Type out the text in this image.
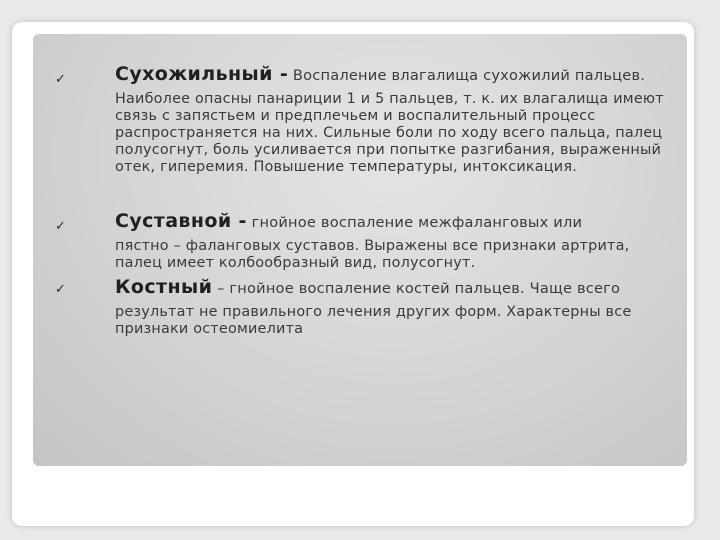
✓	Сухожильный - Воспаление влагалища сухожилий пальцев.
Наиболее опасны панариции 1 и 5 пальцев, т. к. их влагалища имеют связь с запястьем и предплечьем и воспалительный процесс распространяется на них. Сильные боли по ходу всего пальца, палец полусогнут, боль усиливается при попытке разгибания, выраженный отек, гиперемия. Повышение температуры, интоксикация.
✓	Суставной - гнойное воспаление межфаланговых или
пястно – фаланговых суставов. Выражены все признаки артрита, палец имеет колбообразный вид, полусогнут.
✓	Костный – гнойное воспаление костей пальцев. Чаще всего
результат не правильного лечения других форм. Характерны все признаки остеомиелита
